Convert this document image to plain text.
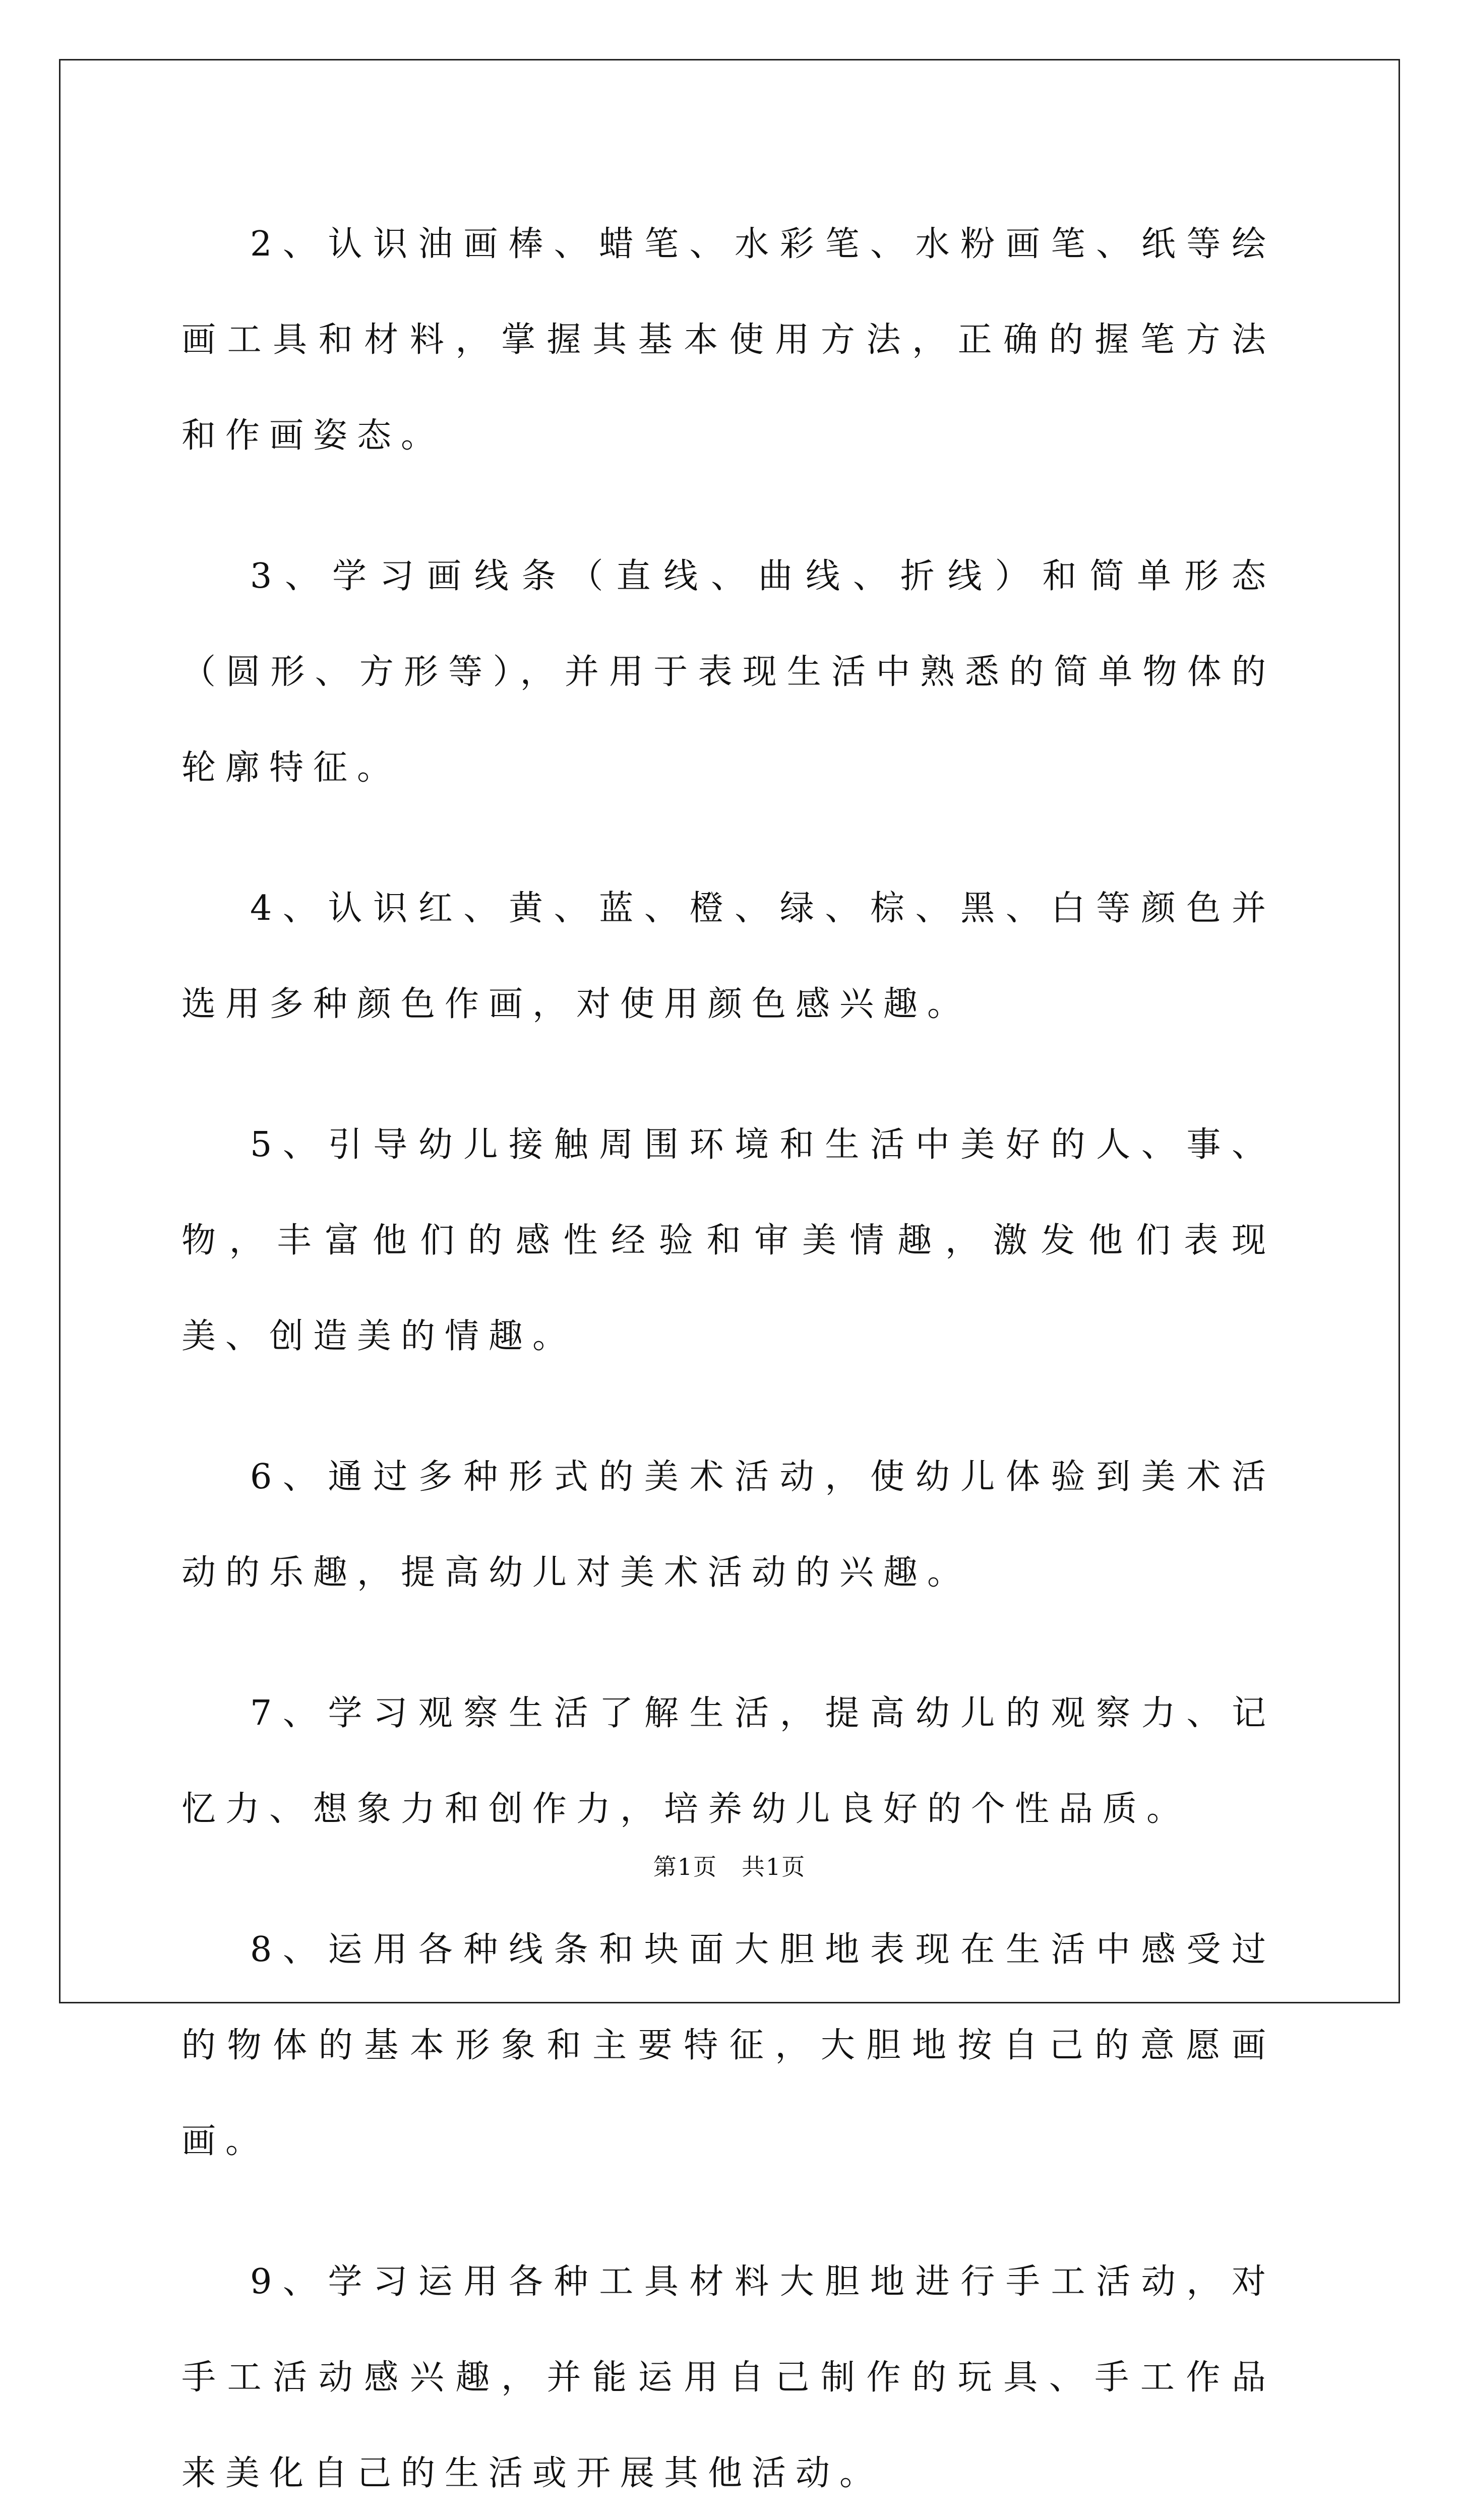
2、认识油画棒、蜡笔、水彩笔、水粉画笔、纸等绘画工具和材料，掌握其基本使用方法，正确的握笔方法和作画姿态。

3、学习画线条（直线、曲线、折线）和简单形态（圆形、方形等），并用于表现生活中熟悉的简单物体的轮廓特征。

4、认识红、黄、蓝、橙、绿、棕、黑、白等颜色并选用多种颜色作画，对使用颜色感兴趣。

5、引导幼儿接触周围环境和生活中美好的人、事、物，丰富他们的感性经验和审美情趣，激发他们表现美、创造美的情趣。

6、通过多种形式的美术活动，使幼儿体验到美术活动的乐趣，提高幼儿对美术活动的兴趣。

7、学习观察生活了解生活，提高幼儿的观察力、记忆力、想象力和创作力，培养幼儿良好的个性品质。

8、运用各种线条和块面大胆地表现在生活中感受过的物体的基本形象和主要特征，大胆地按自己的意愿画画。

9、学习运用各种工具材料大胆地进行手工活动，对手工活动感兴趣，并能运用自己制作的玩具、手工作品来美化自己的生活或开展其他活动。

第1页　共1页
